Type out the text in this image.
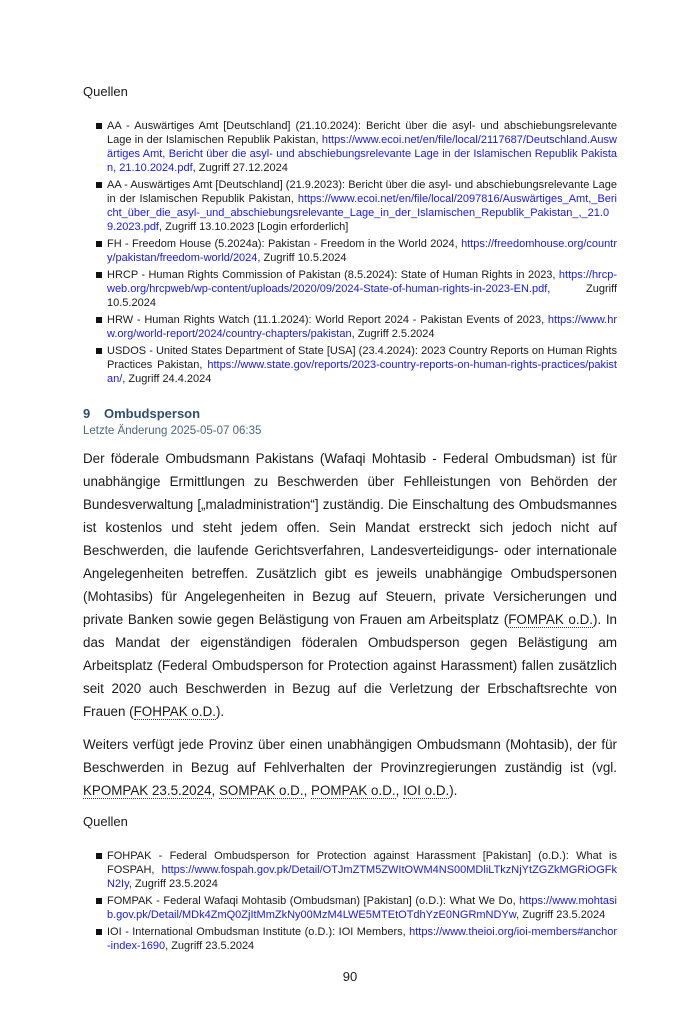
Quellen
AA - Auswärtiges Amt [Deutschland] (21.10.2024): Bericht über die asyl- und abschiebungsrelevante Lage in der Islamischen Republik Pakistan, https://www.ecoi.net/en/file/local/2117687/Deutschland.Auswärtiges Amt, Bericht über die asyl- und abschiebungsrelevante Lage in der Islamischen Republik Pakistan, 21.10.2024.pdf, Zugriff 27.12.2024
AA - Auswärtiges Amt [Deutschland] (21.9.2023): Bericht über die asyl- und abschiebungsrelevante Lage in der Islamischen Republik Pakistan, https://www.ecoi.net/en/file/local/2097816/Auswärtiges_Amt,_Bericht_über_die_asyl-_und_abschiebungsrelevante_Lage_in_der_Islamischen_Republik_Pakistan_,_21.09.2023.pdf, Zugriff 13.10.2023 [Login erforderlich]
FH - Freedom House (5.2024a): Pakistan - Freedom in the World 2024, https://freedomhouse.org/country/pakistan/freedom-world/2024, Zugriff 10.5.2024
HRCP - Human Rights Commission of Pakistan (8.5.2024): State of Human Rights in 2023, https://hrcp-web.org/hrcpweb/wp-content/uploads/2020/09/2024-State-of-human-rights-in-2023-EN.pdf, Zugriff 10.5.2024
HRW - Human Rights Watch (11.1.2024): World Report 2024 - Pakistan Events of 2023, https://www.hrw.org/world-report/2024/country-chapters/pakistan, Zugriff 2.5.2024
USDOS - United States Department of State [USA] (23.4.2024): 2023 Country Reports on Human Rights Practices Pakistan, https://www.state.gov/reports/2023-country-reports-on-human-rights-practices/pakistan/, Zugriff 24.4.2024
9 Ombudsperson
Letzte Änderung 2025-05-07 06:35

Der föderale Ombudsmann Pakistans (Wafaqi Mohtasib - Federal Ombudsman) ist für unabhängige Ermittlungen zu Beschwerden über Fehlleistungen von Behörden der Bundesverwaltung [„maladministration“] zuständig. Die Einschaltung des Ombudsmannes ist kostenlos und steht jedem offen. Sein Mandat erstreckt sich jedoch nicht auf Beschwerden, die laufende Gerichtsverfahren, Landesverteidigungs- oder internationale Angelegenheiten betreffen. Zusätzlich gibt es jeweils unabhängige Ombudspersonen (Mohtasibs) für Angelegenheiten in Bezug auf Steuern, private Versicherungen und private Banken sowie gegen Belästigung von Frauen am Arbeitsplatz (FOMPAK o.D.). In das Mandat der eigenständigen föderalen Ombudsperson gegen Belästigung am Arbeitsplatz (Federal Ombudsperson for Protection against Harassment) fallen zusätzlich seit 2020 auch Beschwerden in Bezug auf die Verletzung der Erbschaftsrechte von Frauen (FOHPAK o.D.).

Weiters verfügt jede Provinz über einen unabhängigen Ombudsmann (Mohtasib), der für Beschwerden in Bezug auf Fehlverhalten der Provinzregierungen zuständig ist (vgl. KPOMPAK 23.5.2024, SOMPAK o.D., POMPAK o.D., IOI o.D.).

Quellen
FOHPAK - Federal Ombudsperson for Protection against Harassment [Pakistan] (o.D.): What is FOSPAH, https://www.fospah.gov.pk/Detail/OTJmZTM5ZWItOWM4NS00MDliLTkzNjYtZGZkMGRiOGFkN2Iy, Zugriff 23.5.2024
FOMPAK - Federal Wafaqi Mohtasib (Ombudsman) [Pakistan] (o.D.): What We Do, https://www.mohtasib.gov.pk/Detail/MDk4ZmQ0ZjItMmZkNy00MzM4LWE5MTEtOTdhYzE0NGRmNDYw, Zugriff 23.5.2024
IOI - International Ombudsman Institute (o.D.): IOI Members, https://www.theioi.org/ioi-members#anchor-index-1690, Zugriff 23.5.2024
90
